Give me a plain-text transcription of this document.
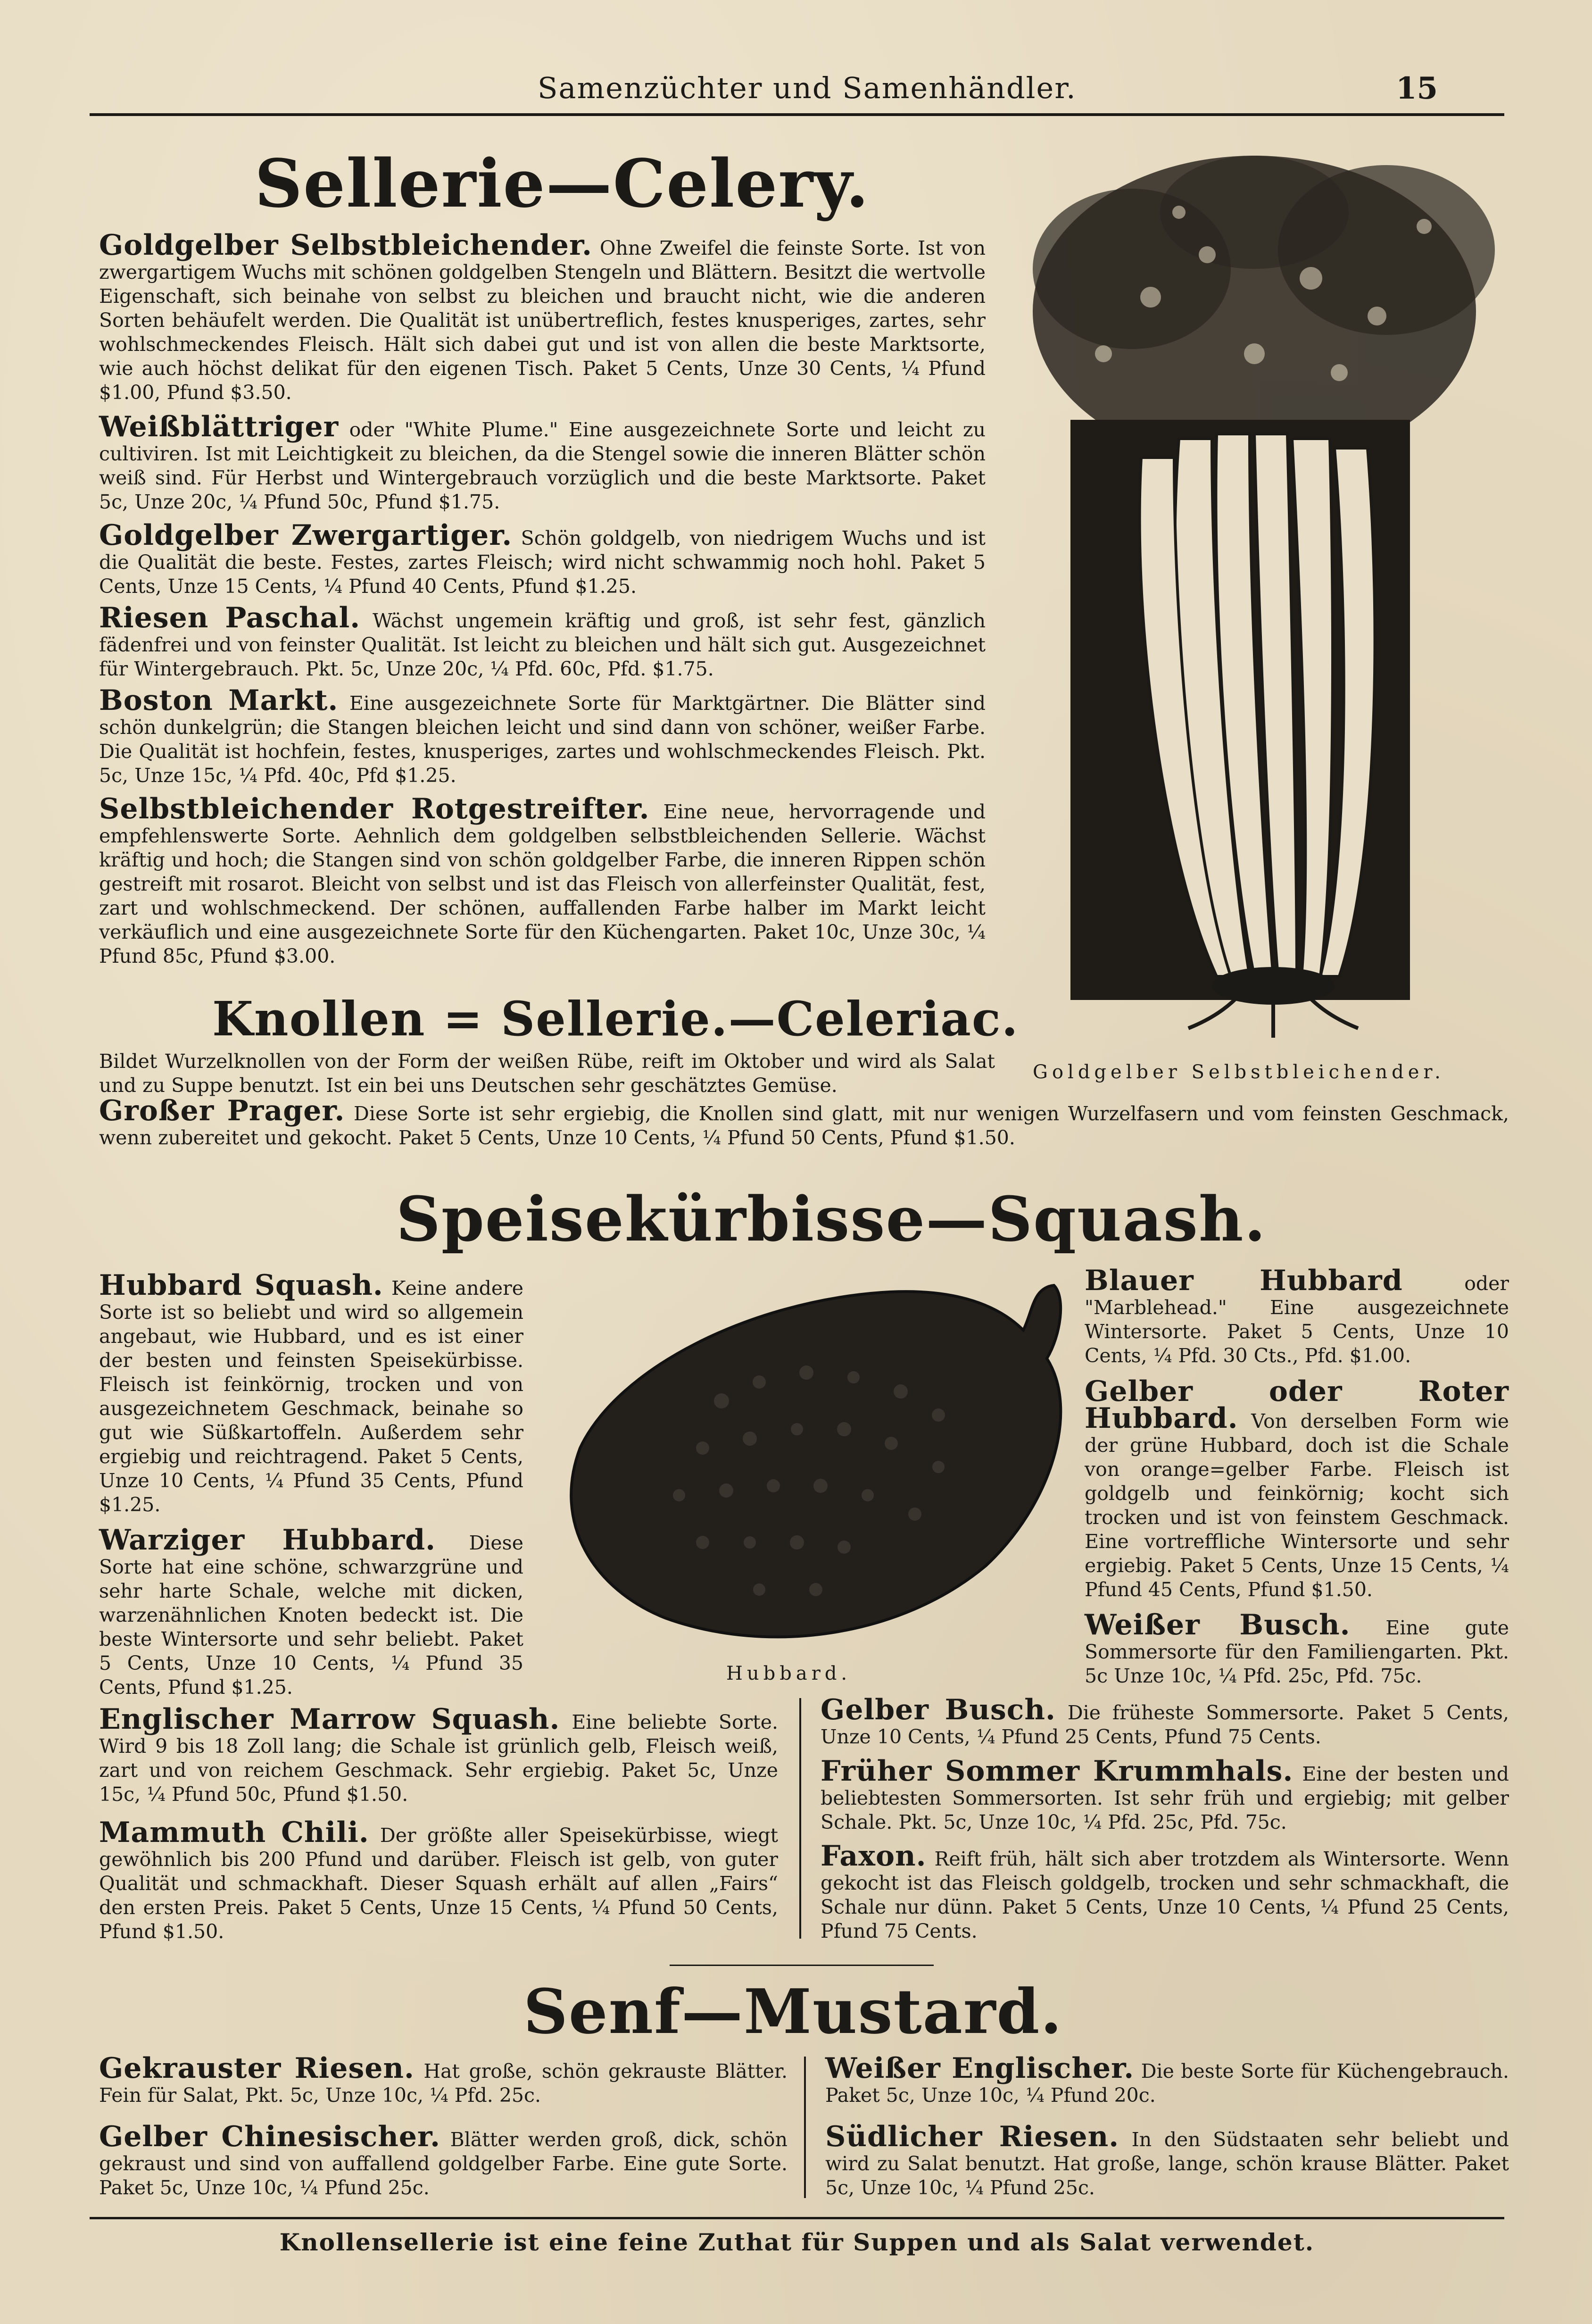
Samenzüchter und Samenhändler.	15
Sellerie—Celery.

Goldgelber Selbstbleichender. Ohne Zweifel die feinste Sorte. Ist von zwergartigem Wuchs mit schönen goldgelben Stengeln und Blättern. Besitzt die wertvolle Eigenschaft, sich beinahe von selbst zu bleichen und braucht nicht, wie die anderen Sorten behäufelt werden. Die Qualität ist unübertreflich, festes knusperiges, zartes, sehr wohlschmeckendes Fleisch. Hält sich dabei gut und ist von allen die beste Marktsorte, wie auch höchst delikat für den eigenen Tisch. Paket 5 Cents, Unze 30 Cents, ¼ Pfund $1.00, Pfund $3.50.

Weißblättriger oder "White Plume." Eine ausgezeichnete Sorte und leicht zu cultiviren. Ist mit Leichtigkeit zu bleichen, da die Stengel sowie die inneren Blätter schön weiß sind. Für Herbst und Wintergebrauch vorzüglich und die beste Marktsorte. Paket 5c, Unze 20c, ¼ Pfund 50c, Pfund $1.75.

Goldgelber Zwergartiger. Schön goldgelb, von niedrigem Wuchs und ist die Qualität die beste. Festes, zartes Fleisch; wird nicht schwammig noch hohl. Paket 5 Cents, Unze 15 Cents, ¼ Pfund 40 Cents, Pfund $1.25.

Riesen Paschal. Wächst ungemein kräftig und groß, ist sehr fest, gänzlich fädenfrei und von feinster Qualität. Ist leicht zu bleichen und hält sich gut. Ausgezeichnet für Wintergebrauch. Pkt. 5c, Unze 20c, ¼ Pfd. 60c, Pfd. $1.75.

Boston Markt. Eine ausgezeichnete Sorte für Marktgärtner. Die Blätter sind schön dunkelgrün; die Stangen bleichen leicht und sind dann von schöner, weißer Farbe. Die Qualität ist hochfein, festes, knusperiges, zartes und wohlschmeckendes Fleisch. Pkt. 5c, Unze 15c, ¼ Pfd. 40c, Pfd $1.25.

Selbstbleichender Rotgestreifter. Eine neue, hervorragende und empfehlenswerte Sorte. Aehnlich dem goldgelben selbstbleichenden Sellerie. Wächst kräftig und hoch; die Stangen sind von schön goldgelber Farbe, die inneren Rippen schön gestreift mit rosarot. Bleicht von selbst und ist das Fleisch von allerfeinster Qualität, fest, zart und wohlschmeckend. Der schönen, auffallenden Farbe halber im Markt leicht verkäuflich und eine ausgezeichnete Sorte für den Küchengarten. Paket 10c, Unze 30c, ¼ Pfund 85c, Pfund $3.00.

Goldgelber Selbstbleichender.
Knollen = Sellerie.—Celeriac.

Bildet Wurzelknollen von der Form der weißen Rübe, reift im Oktober und wird als Salat und zu Suppe benutzt. Ist ein bei uns Deutschen sehr geschätztes Gemüse.

Großer Prager. Diese Sorte ist sehr ergiebig, die Knollen sind glatt, mit nur wenigen Wurzelfasern und vom feinsten Geschmack, wenn zubereitet und gekocht. Paket 5 Cents, Unze 10 Cents, ¼ Pfund 50 Cents, Pfund $1.50.

Speisekürbisse—Squash.

Hubbard Squash. Keine andere Sorte ist so beliebt und wird so allgemein angebaut, wie Hubbard, und es ist einer der besten und feinsten Speisekürbisse. Fleisch ist feinkörnig, trocken und von ausgezeichnetem Geschmack, beinahe so gut wie Süßkartoffeln. Außerdem sehr ergiebig und reichtragend. Paket 5 Cents, Unze 10 Cents, ¼ Pfund 35 Cents, Pfund $1.25.

Warziger Hubbard. Diese Sorte hat eine schöne, schwarzgrüne und sehr harte Schale, welche mit dicken, warzenähnlichen Knoten bedeckt ist. Die beste Wintersorte und sehr beliebt. Paket 5 Cents, Unze 10 Cents, ¼ Pfund 35 Cents, Pfund $1.25.

Englischer Marrow Squash. Eine beliebte Sorte. Wird 9 bis 18 Zoll lang; die Schale ist grünlich gelb, Fleisch weiß, zart und von reichem Geschmack. Sehr ergiebig. Paket 5c, Unze 15c, ¼ Pfund 50c, Pfund $1.50.

Mammuth Chili. Der größte aller Speisekürbisse, wiegt gewöhnlich bis 200 Pfund und darüber. Fleisch ist gelb, von guter Qualität und schmackhaft. Dieser Squash erhält auf allen „Fairs“ den ersten Preis. Paket 5 Cents, Unze 15 Cents, ¼ Pfund 50 Cents, Pfund $1.50.

Hubbard.

Blauer Hubbard	oder "Marblehead." Eine ausgezeichnete Wintersorte. Paket 5 Cents, Unze 10 Cents, ¼ Pfd. 30 Cts., Pfd. $1.00.

Gelber oder Roter Hubbard. Von derselben Form wie der grüne Hubbard, doch ist die Schale von orange=gelber Farbe. Fleisch ist goldgelb und feinkörnig; kocht sich trocken und ist von feinstem Geschmack. Eine vortreffliche Wintersorte und sehr ergiebig. Paket 5 Cents, Unze 15 Cents, ¼ Pfund 45 Cents, Pfund $1.50.

Weißer Busch. Eine gute Sommersorte für den Familiengarten. Pkt. 5c Unze 10c, ¼ Pfd. 25c, Pfd. 75c.

Gelber Busch. Die früheste Sommersorte. Paket 5 Cents, Unze 10 Cents, ¼ Pfund 25 Cents, Pfund 75 Cents.

Früher Sommer Krummhals. Eine der besten und beliebtesten Sommersorten. Ist sehr früh und ergiebig; mit gelber Schale. Pkt. 5c, Unze 10c, ¼ Pfd. 25c, Pfd. 75c.

Faxon. Reift früh, hält sich aber trotzdem als Wintersorte. Wenn gekocht ist das Fleisch goldgelb, trocken und sehr schmackhaft, die Schale nur dünn. Paket 5 Cents, Unze 10 Cents, ¼ Pfund 25 Cents, Pfund 75 Cents.

Senf—Mustard.

Gekrauster Riesen. Hat große, schön gekrauste Blätter. Fein für Salat, Pkt. 5c, Unze 10c, ¼ Pfd. 25c.

Gelber Chinesischer. Blätter werden groß, dick, schön gekraust und sind von auffallend goldgelber Farbe. Eine gute Sorte. Paket 5c, Unze 10c, ¼ Pfund 25c.

Weißer Englischer. Die beste Sorte für Küchengebrauch. Paket 5c, Unze 10c, ¼ Pfund 20c.

Südlicher Riesen. In den Südstaaten sehr beliebt und wird zu Salat benutzt. Hat große, lange, schön krause Blätter. Paket 5c, Unze 10c, ¼ Pfund 25c.

Knollensellerie ist eine feine Zuthat für Suppen und als Salat verwendet.
